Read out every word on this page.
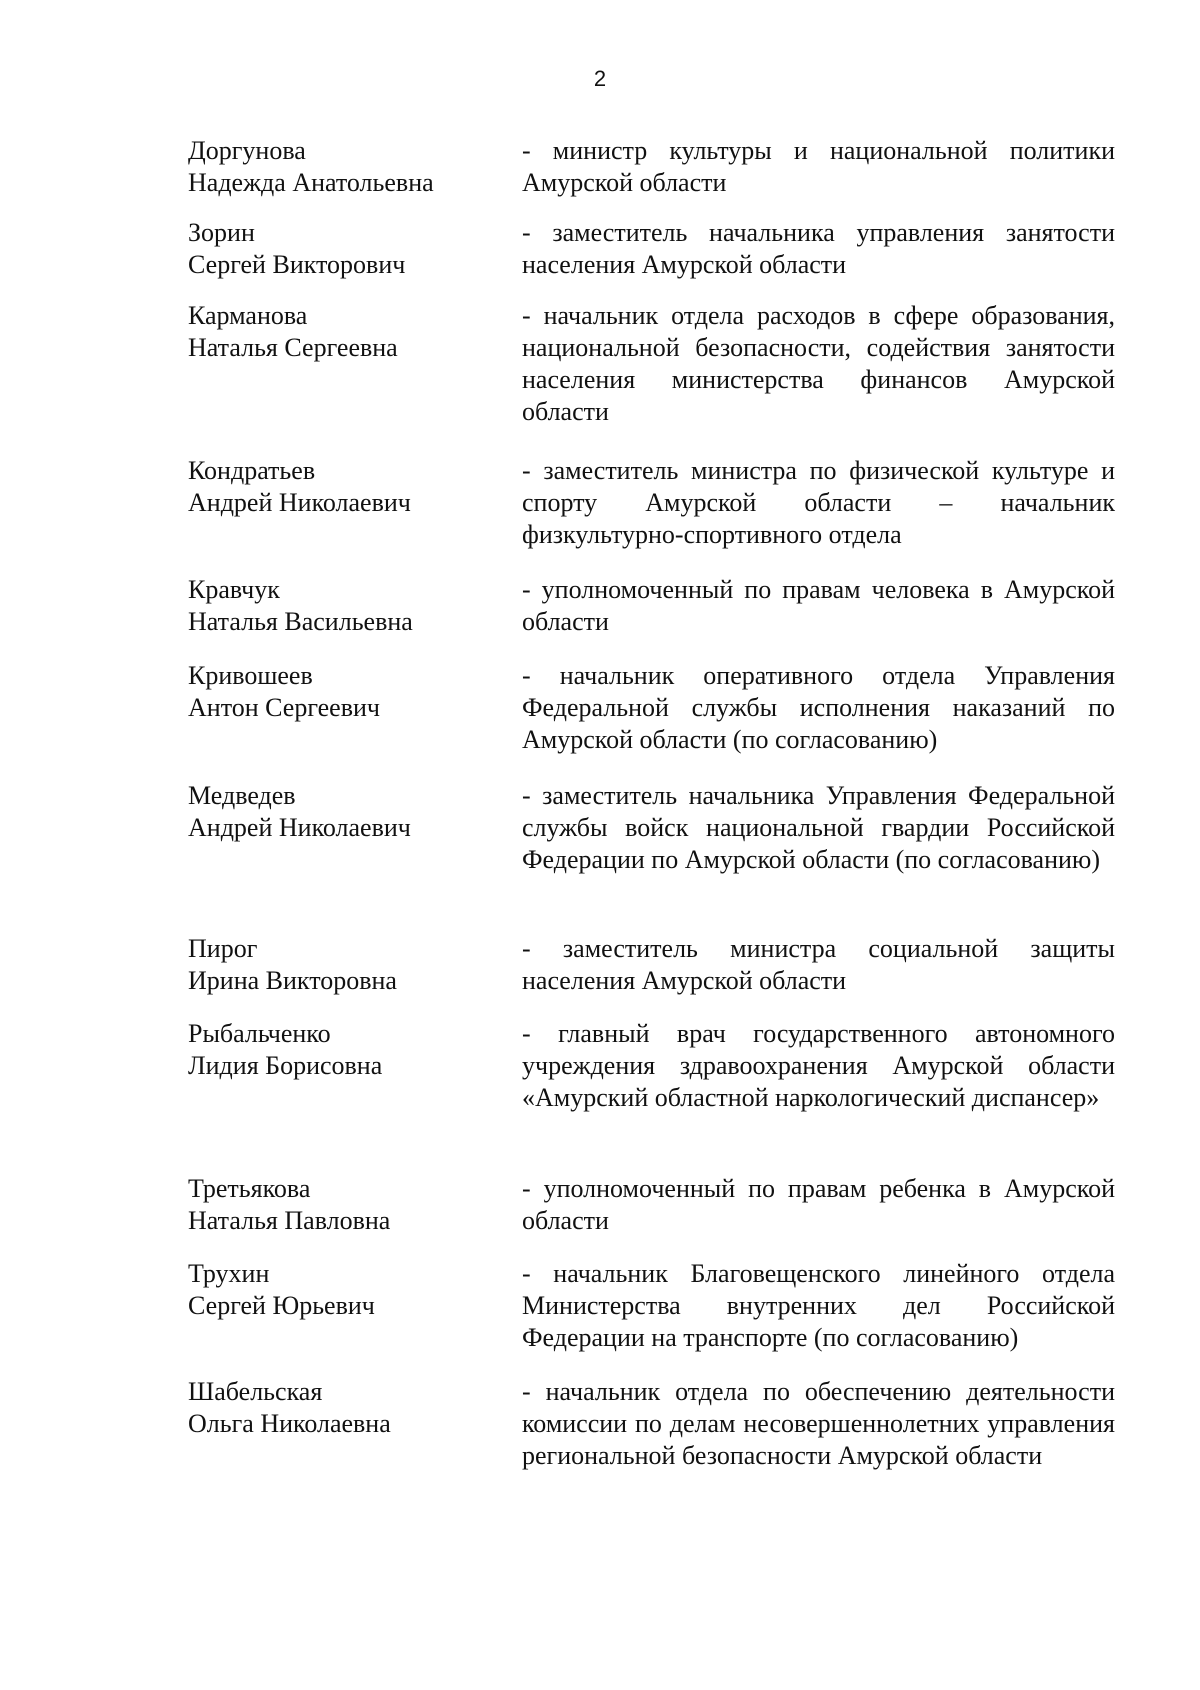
2
Доргунова
Надежда Анатольевна
- министр культуры и национальной политики Амурской области
Зорин
Сергей Викторович
- заместитель начальника управления занятости населения Амурской области
Карманова
Наталья Сергеевна
- начальник отдела расходов в сфере образования, национальной безопасности, содействия занятости населения министерства финансов Амурской области
Кондратьев
Андрей Николаевич
- заместитель министра по физической культуре и спорту Амурской области – начальник физкультурно-спортивного отдела
Кравчук
Наталья Васильевна
- уполномоченный по правам человека в Амурской области
Кривошеев
Антон Сергеевич
- начальник оперативного отдела Управления Федеральной службы исполнения наказаний по Амурской области (по согласованию)
Медведев
Андрей Николаевич
- заместитель начальника Управления Федеральной службы войск национальной гвардии Российской Федерации по Амурской области (по согласованию)
Пирог
Ирина Викторовна
- заместитель министра социальной защиты населения Амурской области
Рыбальченко
Лидия Борисовна
- главный врач государственного автономного учреждения здравоохранения Амурской области «Амурский областной наркологический диспансер»
Третьякова
Наталья Павловна
- уполномоченный по правам ребенка в Амурской области
Трухин
Сергей Юрьевич
- начальник Благовещенского линейного отдела Министерства внутренних дел Российской Федерации на транспорте (по согласованию)
Шабельская
Ольга Николаевна
- начальник отдела по обеспечению деятельности комиссии по делам несовершеннолетних управления региональной безопасности Амурской области
